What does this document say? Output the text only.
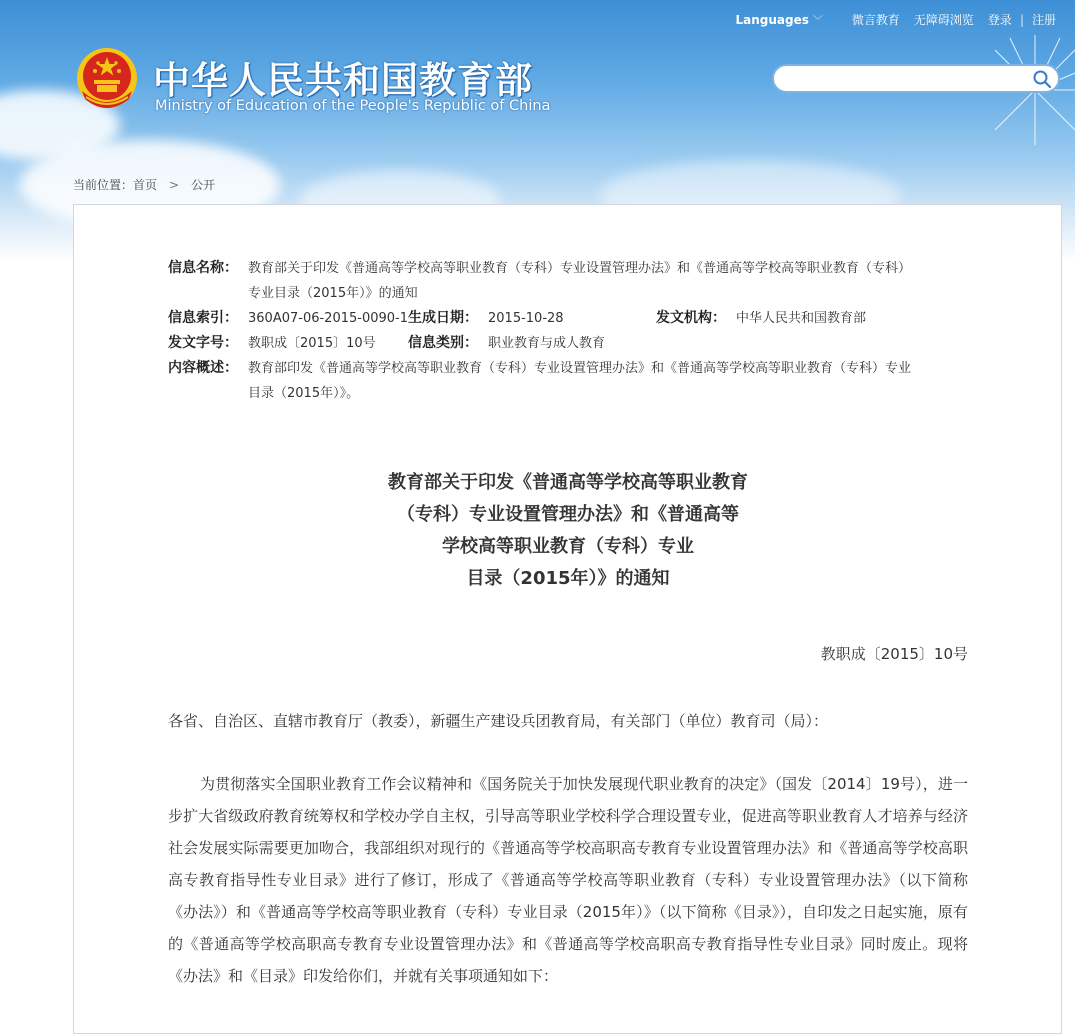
Languages ﹀ 微言教育 无障碍浏览 登录 | 注册
中华人民共和国教育部
Ministry of Education of the People's Republic of China
当前位置： 首页 > 公开
信息名称： 教育部关于印发《普通高等学校高等职业教育（专科）专业设置管理办法》和《普通高等学校高等职业教育（专科）
专业目录（2015年）》的通知
信息索引： 360A07-06-2015-0090-1 生成日期： 2015-10-28	发文机构： 中华人民共和国教育部
发文字号： 教职成〔2015〕10号	信息类别： 职业教育与成人教育
内容概述： 教育部印发《普通高等学校高等职业教育（专科）专业设置管理办法》和《普通高等学校高等职业教育（专科）专业
目录（2015年）》。
教育部关于印发《普通高等学校高等职业教育
（专科）专业设置管理办法》和《普通高等
学校高等职业教育（专科）专业
目录（2015年）》的通知
教职成〔2015〕10号
各省、自治区、直辖市教育厅（教委），新疆生产建设兵团教育局，有关部门（单位）教育司（局）：
为贯彻落实全国职业教育工作会议精神和《国务院关于加快发展现代职业教育的决定》（国发〔2014〕19号），进一步扩大省级政府教育统筹权和学校办学自主权，引导高等职业学校科学合理设置专业，促进高等职业教育人才培养与经济社会发展实际需要更加吻合，我部组织对现行的《普通高等学校高职高专教育专业设置管理办法》和《普通高等学校高职高专教育指导性专业目录》进行了修订，形成了《普通高等学校高等职业教育（专科）专业设置管理办法》（以下简称《办法》）和《普通高等学校高等职业教育（专科）专业目录（2015年）》（以下简称《目录》），自印发之日起实施，原有的《普通高等学校高职高专教育专业设置管理办法》和《普通高等学校高职高专教育指导性专业目录》同时废止。现将《办法》和《目录》印发给你们，并就有关事项通知如下：
